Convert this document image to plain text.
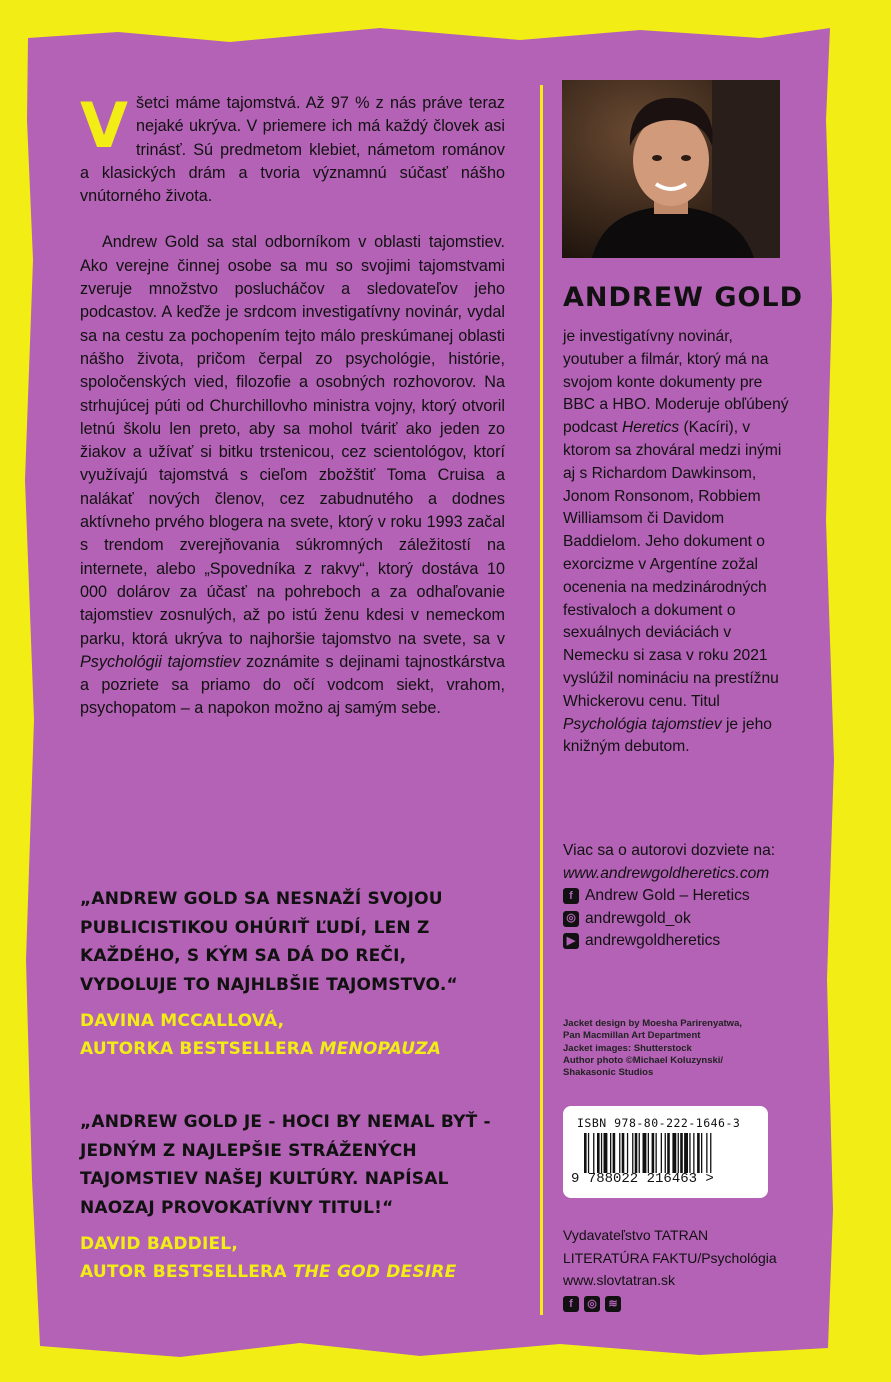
Všetci máme tajomstvá. Až 97 % z nás práve teraz nejaké ukrýva. V priemere ich má každý človek asi trinásť. Sú predmetom klebiet, námetom románov a klasických drám a tvoria významnú súčasť nášho vnútorného života.
Andrew Gold sa stal odborníkom v oblasti tajomstiev. Ako verejne činnej osobe sa mu so svojimi tajomstvami zveruje množstvo poslucháčov a sledovateľov jeho podcastov. A keďže je srdcom investigatívny novinár, vydal sa na cestu za pochopením tejto málo preskúmanej oblasti nášho života, pričom čerpal zo psychológie, histórie, spoločenských vied, filozofie a osobných rozhovorov. Na strhujúcej púti od Churchillovho ministra vojny, ktorý otvoril letnú školu len preto, aby sa mohol tváriť ako jeden zo žiakov a užívať si bitku trstenicou, cez scientológov, ktorí využívajú tajomstvá s cieľom zbožštiť Toma Cruisa a nalákať nových členov, cez zabudnutého a dodnes aktívneho prvého blogera na svete, ktorý v roku 1993 začal s trendom zverejňovania súkromných záležitostí na internete, alebo „Spovedníka z rakvy“, ktorý dostáva 10 000 dolárov za účasť na pohreboch a za odhaľovanie tajomstiev zosnulých, až po istú ženu kdesi v nemeckom parku, ktorá ukrýva to najhoršie tajomstvo na svete, sa v Psychológii tajomstiev zoznámite s dejinami tajnostkárstva a pozriete sa priamo do očí vodcom siekt, vrahom, psychopatom – a napokon možno aj samým sebe.
„ANDREW GOLD SA NESNAŽÍ SVOJOU PUBLICISTIKOU OHÚRIŤ ĽUDÍ, LEN Z KAŽDÉHO, S KÝM SA DÁ DO REČI, VYDOLUJE TO NAJHLBŠIE TAJOMSTVO.“
DAVINA MCCALLOVÁ,
AUTORKA BESTSELLERA MENOPAUZA
„ANDREW GOLD JE - HOCI BY NEMAL BYŤ - JEDNÝM Z NAJLEPŠIE STRÁŽENÝCH TAJOMSTIEV NAŠEJ KULTÚRY. NAPÍSAL NAOZAJ PROVOKATÍVNY TITUL!“
DAVID BADDIEL,
AUTOR BESTSELLERA THE GOD DESIRE
ANDREW GOLD
je investigatívny novinár, youtuber a filmár, ktorý má na svojom konte dokumenty pre BBC a HBO. Moderuje obľúbený podcast Heretics (Kacíri), v ktorom sa zhováral medzi inými aj s Richardom Dawkinsom, Jonom Ronsonom, Robbiem Williamsom či Davidom Baddielom. Jeho dokument o exorcizme v Argentíne zožal ocenenia na medzinárodných festivaloch a dokument o sexuálnych deviáciách v Nemecku si zasa v roku 2021 vyslúžil nomináciu na prestížnu Whickerovu cenu. Titul Psychológia tajomstiev je jeho knižným debutom.
Viac sa o autorovi dozviete na:
www.andrewgoldheretics.com
f Andrew Gold – Heretics
◎ andrewgold_ok
▶ andrewgoldheretics
Jacket design by Moesha Parirenyatwa,
Pan Macmillan Art Department
Jacket images: Shutterstock
Author photo ©Michael Koluzynski/
Shakasonic Studios
ISBN 978-80-222-1646-3
9 788022 216463 >
Vydavateľstvo TATRAN
LITERATÚRA FAKTU/Psychológia
www.slovtatran.sk
f	◎	≋
